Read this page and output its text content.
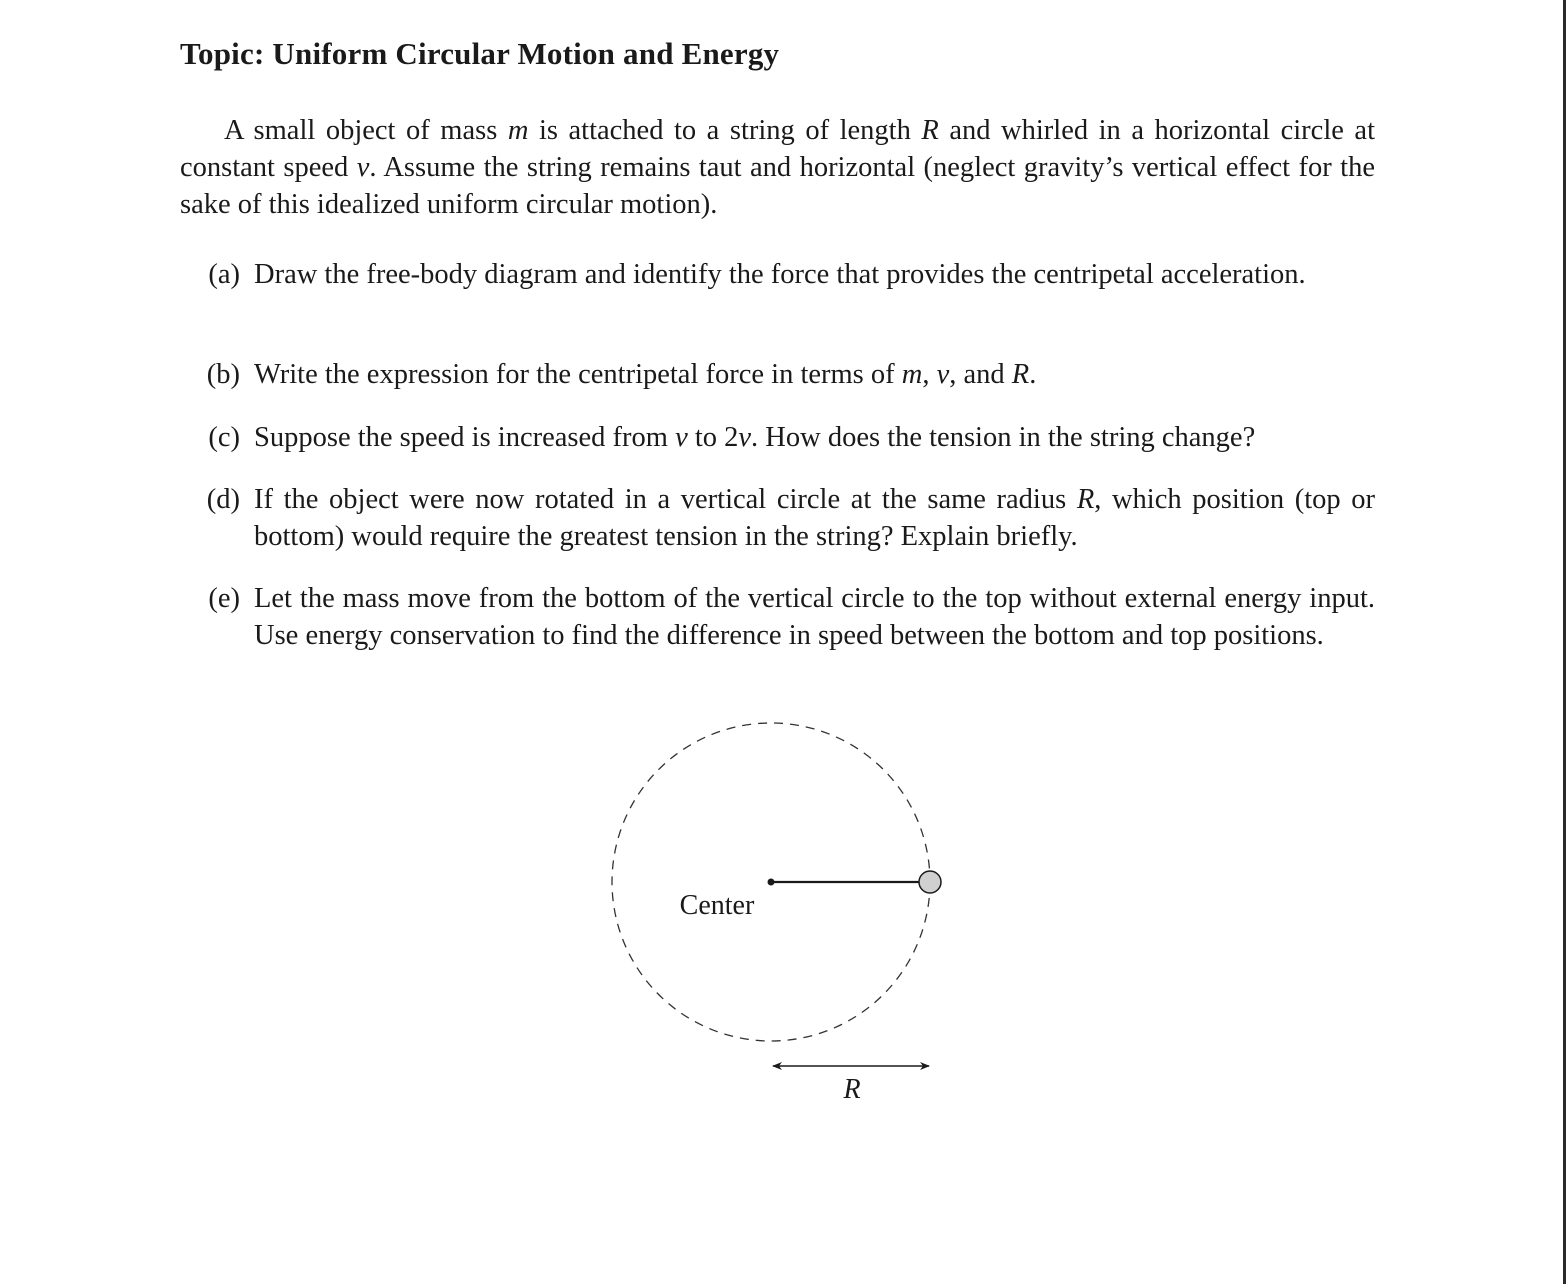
Topic: Uniform Circular Motion and Energy

A small object of mass m is attached to a string of length R and whirled in a horizontal circle at constant speed v. Assume the string remains taut and horizontal (neglect gravity’s vertical effect for the sake of this idealized uniform circular motion).

(a) Draw the free-body diagram and identify the force that provides the centripetal acceleration.
(b) Write the expression for the centripetal force in terms of m, v, and R.
(c) Suppose the speed is increased from v to 2v. How does the tension in the string change?
(d) If the object were now rotated in a vertical circle at the same radius R, which position (top or bottom) would require the greatest tension in the string? Explain briefly.
(e) Let the mass move from the bottom of the vertical circle to the top without external energy input. Use energy conservation to find the difference in speed between the bottom and top positions.
Center
R
